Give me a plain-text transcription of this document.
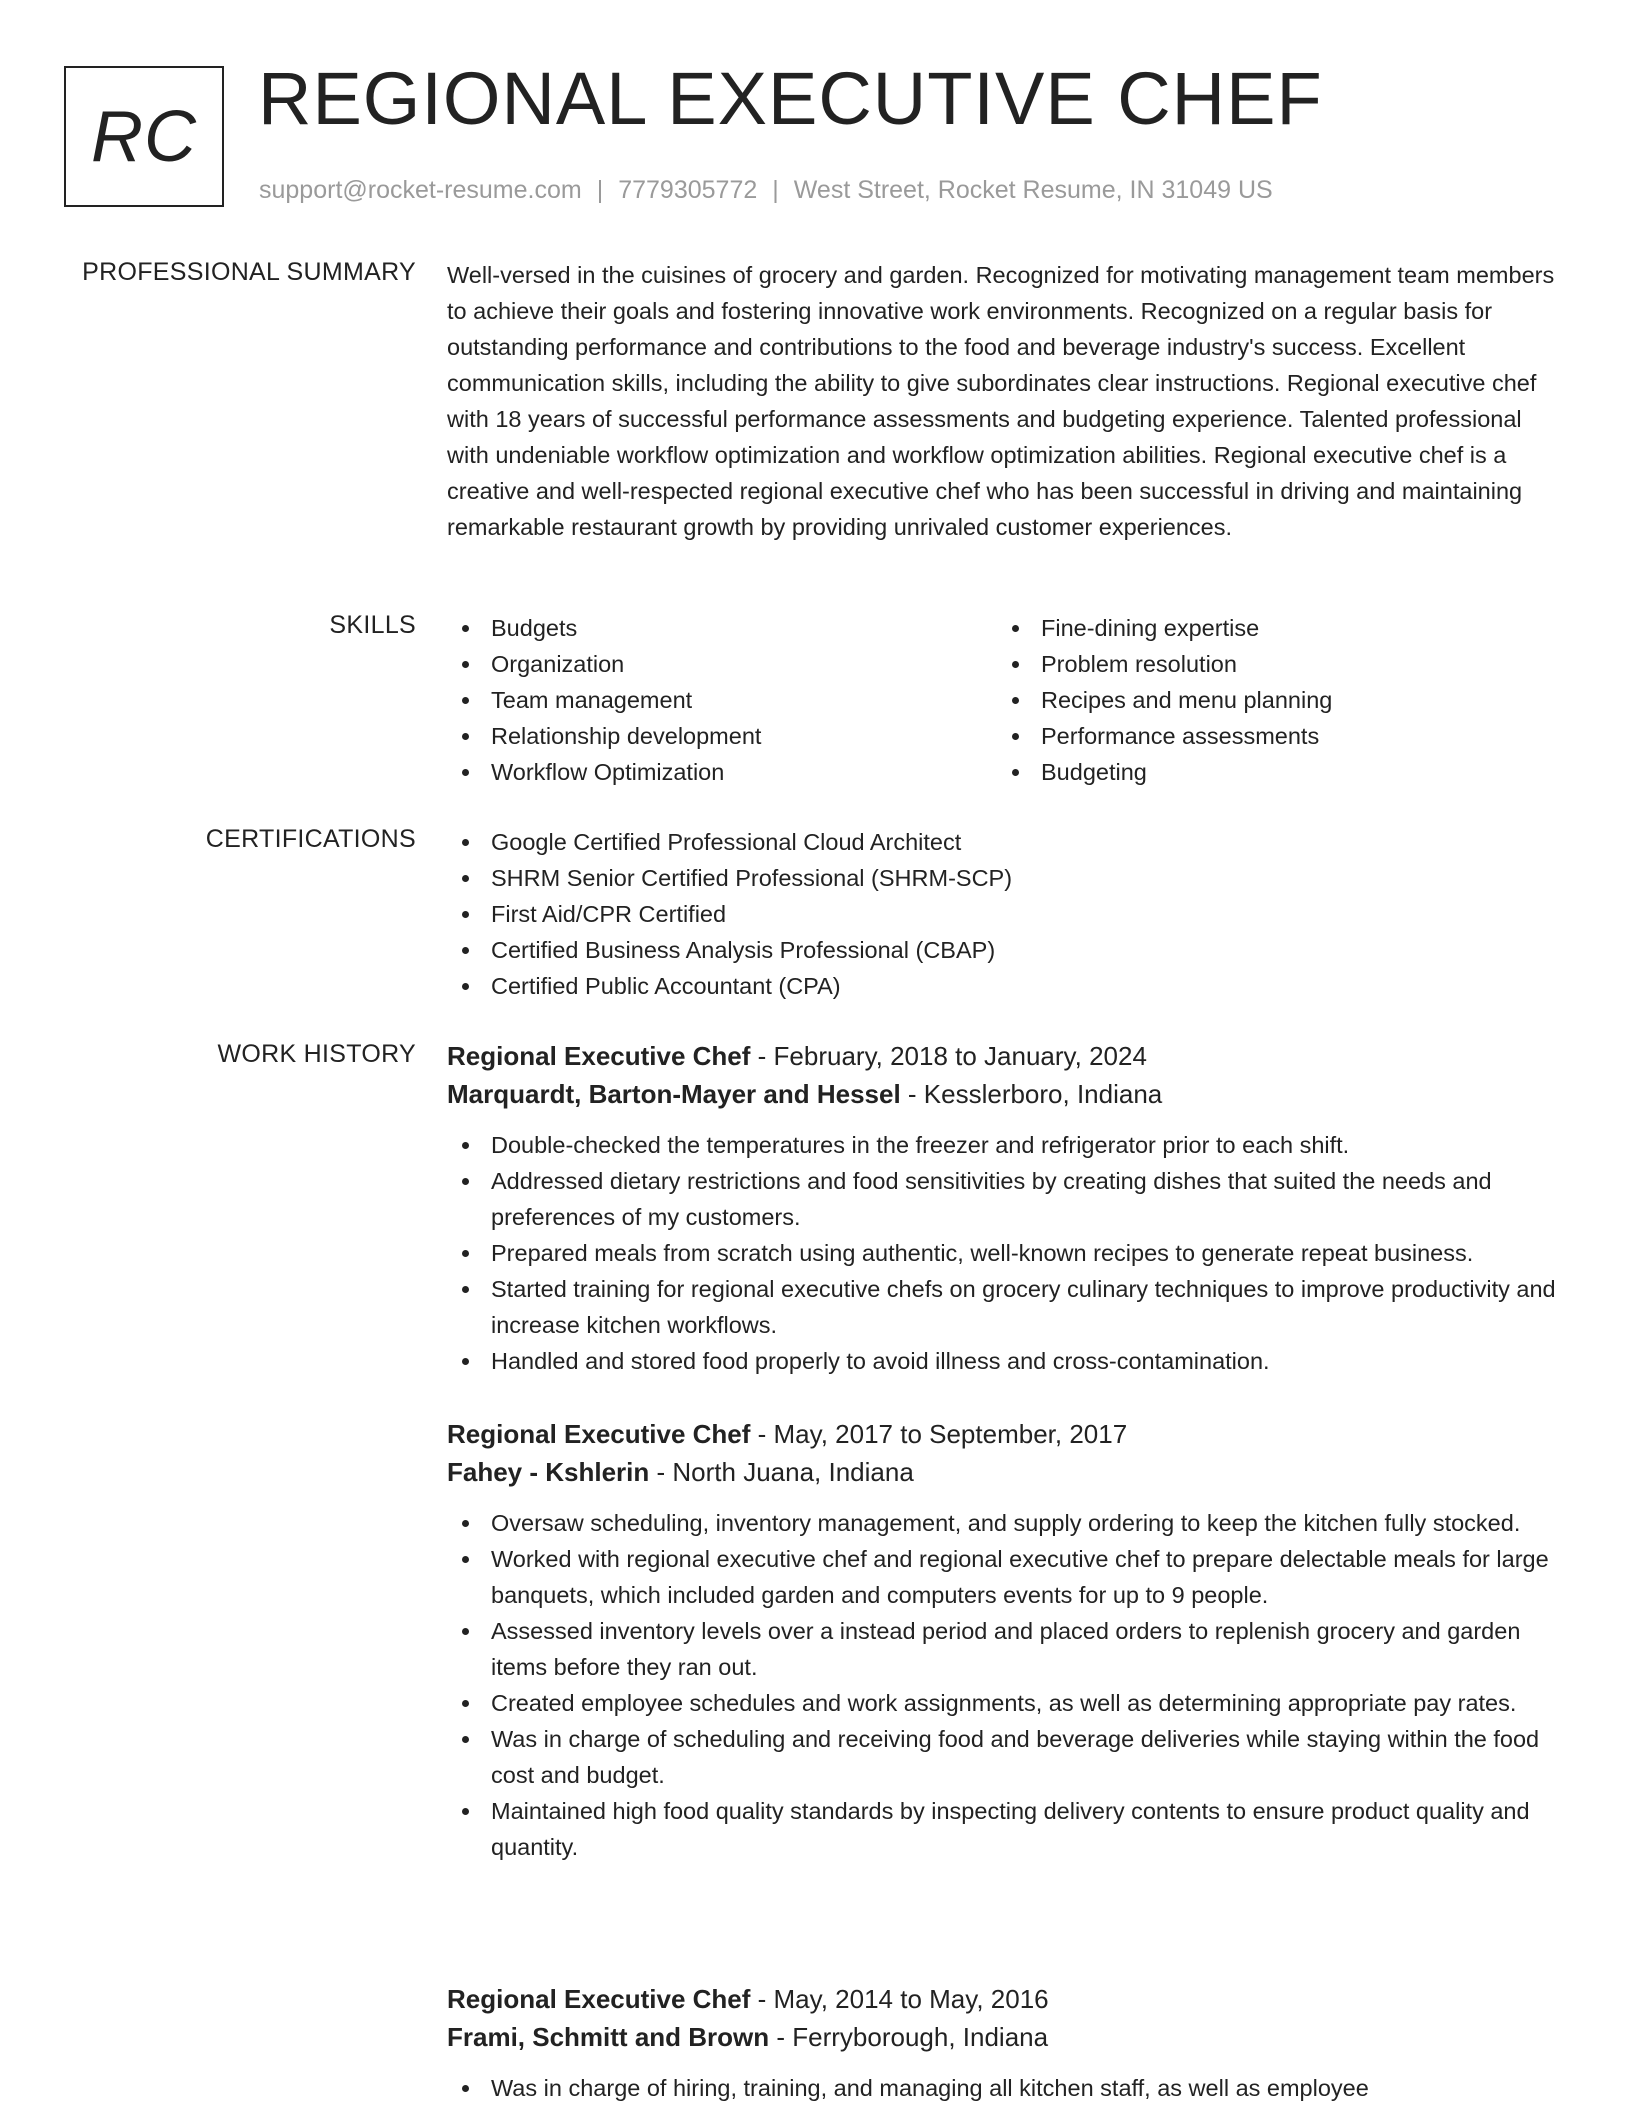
RC REGIONAL EXECUTIVE CHEF
support@rocket-resume.com | 7779305772 | West Street, Rocket Resume, IN 31049 US
PROFESSIONAL SUMMARY Well-versed in the cuisines of grocery and garden. Recognized for motivating management team members to achieve their goals and fostering innovative work environments. Recognized on a regular basis for outstanding performance and contributions to the food and beverage industry's success. Excellent communication skills, including the ability to give subordinates clear instructions. Regional executive chef with 18 years of successful performance assessments and budgeting experience. Talented professional with undeniable workflow optimization and workflow optimization abilities. Regional executive chef is a creative and well-respected regional executive chef who has been successful in driving and maintaining remarkable restaurant growth by providing unrivaled customer experiences.

SKILLS	Budgets
Organization
Team management
Relationship development
Workflow Optimization
Fine-dining expertise
Problem resolution
Recipes and menu planning
Performance assessments
Budgeting
CERTIFICATIONS	Google Certified Professional Cloud Architect
SHRM Senior Certified Professional (SHRM-SCP)
First Aid/CPR Certified
Certified Business Analysis Professional (CBAP)
Certified Public Accountant (CPA)
WORK HISTORY Regional Executive Chef - February, 2018 to January, 2024
Marquardt, Barton-Mayer and Hessel - Kesslerboro, Indiana
Double-checked the temperatures in the freezer and refrigerator prior to each shift.
Addressed dietary restrictions and food sensitivities by creating dishes that suited the needs and preferences of my customers.
Prepared meals from scratch using authentic, well-known recipes to generate repeat business.
Started training for regional executive chefs on grocery culinary techniques to improve productivity and increase kitchen workflows.
Handled and stored food properly to avoid illness and cross-contamination.
Regional Executive Chef - May, 2017 to September, 2017
Fahey - Kshlerin - North Juana, Indiana
Oversaw scheduling, inventory management, and supply ordering to keep the kitchen fully stocked.
Worked with regional executive chef and regional executive chef to prepare delectable meals for large banquets, which included garden and computers events for up to 9 people.
Assessed inventory levels over a instead period and placed orders to replenish grocery and garden items before they ran out.
Created employee schedules and work assignments, as well as determining appropriate pay rates.
Was in charge of scheduling and receiving food and beverage deliveries while staying within the food cost and budget.
Maintained high food quality standards by inspecting delivery contents to ensure product quality and quantity.
Regional Executive Chef - May, 2014 to May, 2016
Frami, Schmitt and Brown - Ferryborough, Indiana
Was in charge of hiring, training, and managing all kitchen staff, as well as employee
